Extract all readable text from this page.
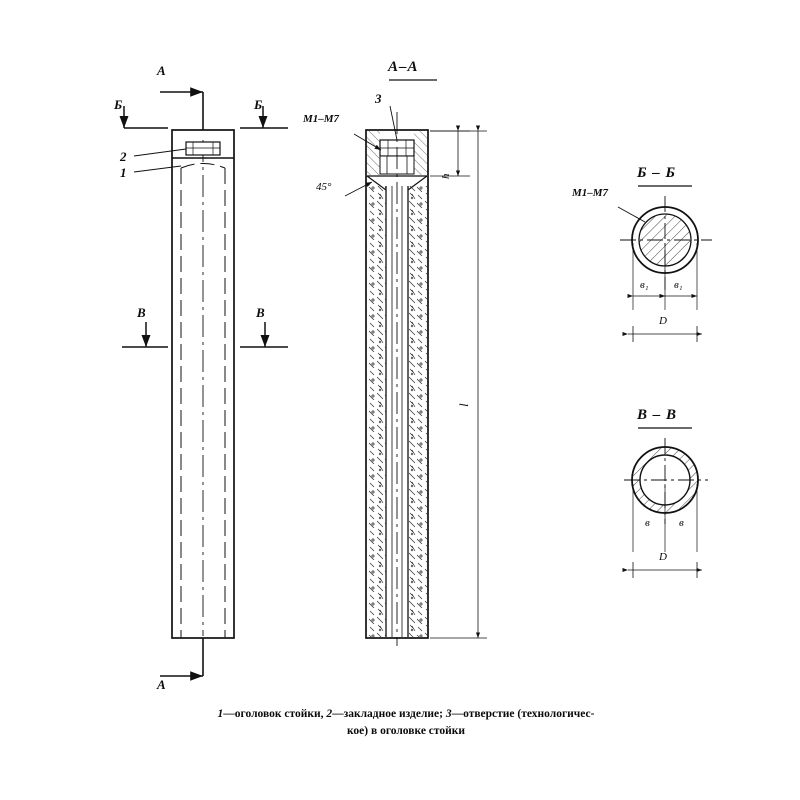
A
A
Б	Б
В	В
2
1
А–А
3
М1–М7
45°
h
l
Б – Б
М1–М7
в₁ в₁
D
В – В
в	в
D
1—оголовок стойки, 2—закладное изделие; 3—отверстие (технологичес-
кое) в оголовке стойки
